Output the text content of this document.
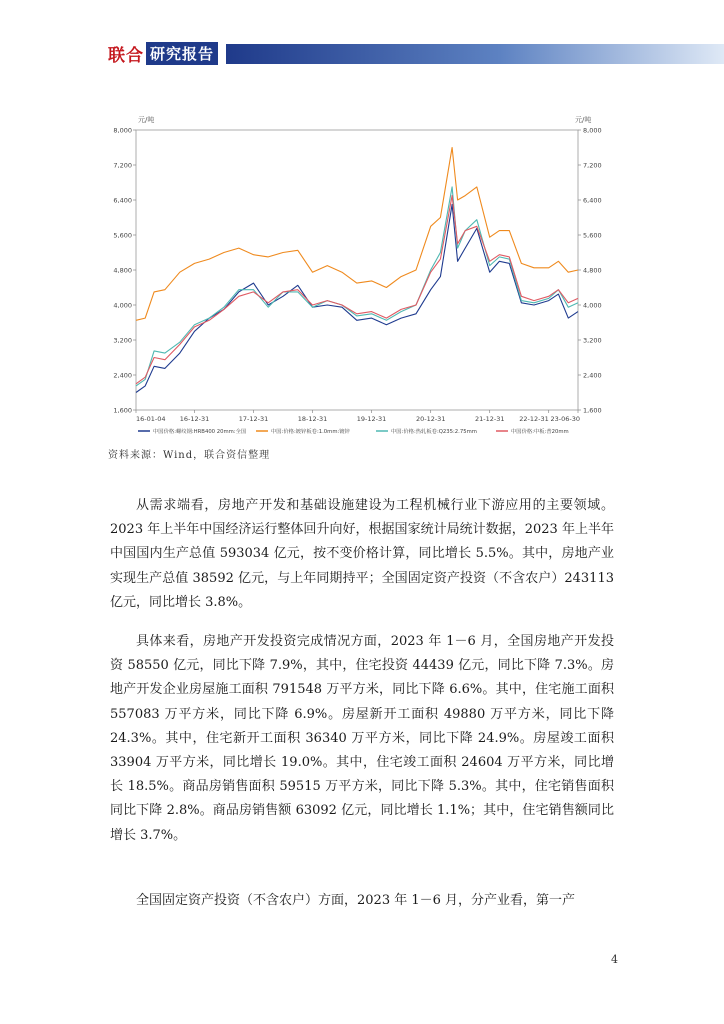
联合 研究报告
元/吨	元/吨
8,000	8,000
7,200	7,200
6,400	6,400
5,600	5,600
4,800	4,800
4,000	4,000
3,200	3,200
2,400	2,400
1,600	1,600
16-01-04 16-12-31	17-12-31	18-12-31	19-12-31	20-12-31	21-12-31 22-12-31 23-06-30
中国价格:螺纹钢:HRB400 20mm:全国	中国:价格:镀锌板卷:1.0mm:镀锌	中国:价格:热轧板卷:Q235:2.75mm	中国价格:中板:普20mm
资料来源：Wind，联合资信整理

从需求端看，房地产开发和基础设施建设为工程机械行业下游应用的主要领域。2023 年上半年中国经济运行整体回升向好，根据国家统计局统计数据，2023 年上半年中国国内生产总值 593034 亿元，按不变价格计算，同比增长 5.5%。其中，房地产业实现生产总值 38592 亿元，与上年同期持平；全国固定资产投资（不含农户）243113 亿元，同比增长 3.8%。

具体来看，房地产开发投资完成情况方面，2023 年 1－6 月，全国房地产开发投资 58550 亿元，同比下降 7.9%，其中，住宅投资 44439 亿元，同比下降 7.3%。房地产开发企业房屋施工面积 791548 万平方米，同比下降 6.6%。其中，住宅施工面积 557083 万平方米，同比下降 6.9%。房屋新开工面积 49880 万平方米，同比下降 24.3%。其中，住宅新开工面积 36340 万平方米，同比下降 24.9%。房屋竣工面积 33904 万平方米，同比增长 19.0%。其中，住宅竣工面积 24604 万平方米，同比增长 18.5%。商品房销售面积 59515 万平方米，同比下降 5.3%。其中，住宅销售面积同比下降 2.8%。商品房销售额 63092 亿元，同比增长 1.1%；其中，住宅销售额同比增长 3.7%。

全国固定资产投资（不含农户）方面，2023 年 1－6 月，分产业看，第一产

4
